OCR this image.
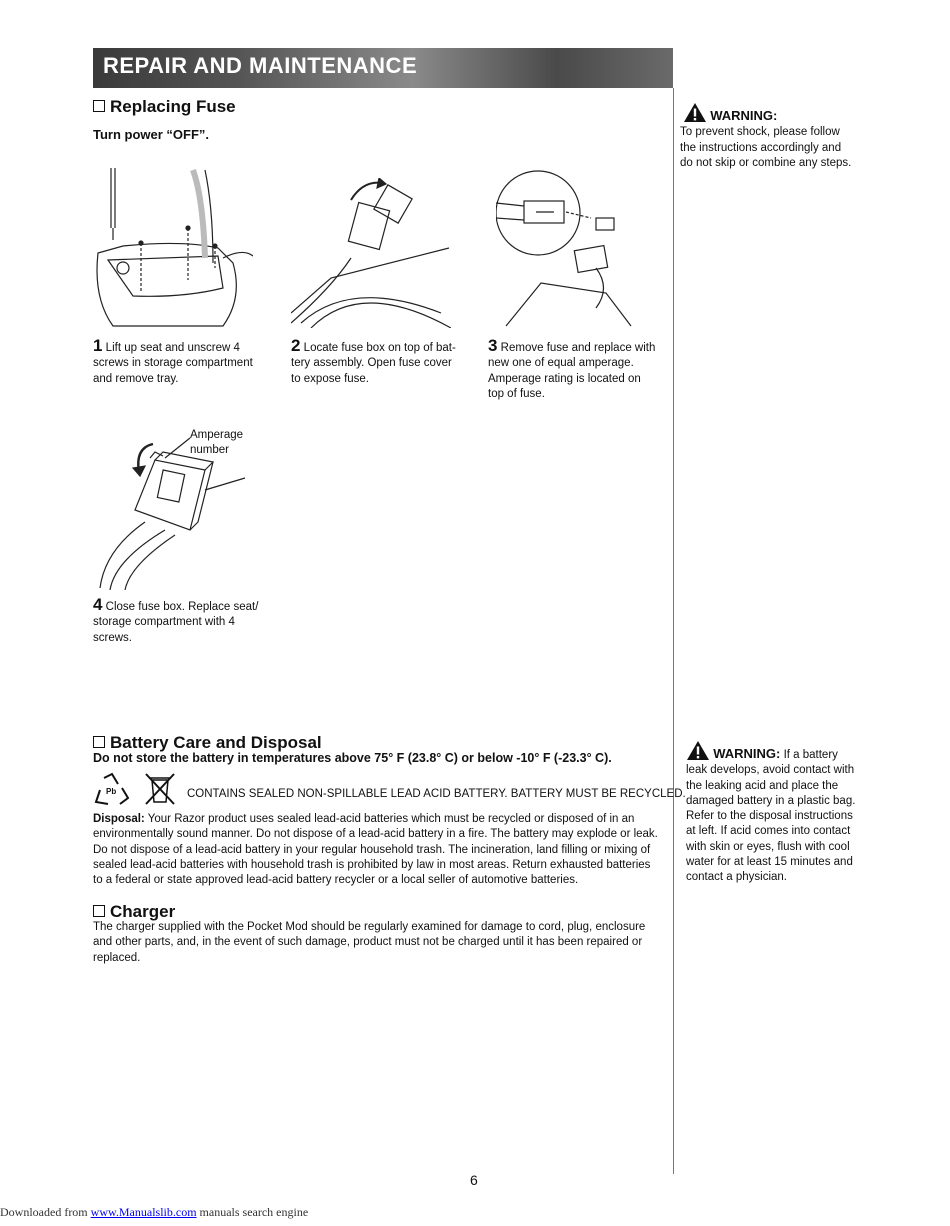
REPAIR AND MAINTENANCE
Replacing Fuse
Turn power “OFF”.
1 Lift up seat and unscrew 4 screws in storage compartment and remove tray.
2 Locate fuse box on top of bat- tery assembly. Open fuse cover to expose fuse.
3 Remove fuse and replace with new one of equal amperage. Amperage rating is located on top of fuse.
Amperage
number
4 Close fuse box. Replace seat/ storage compartment with 4 screws.
WARNING:
To prevent shock, please follow the instructions accordingly and do not skip or combine any steps.
Battery Care and Disposal
Do not store the battery in temperatures above 75° F (23.8° C) or below -10° F (-23.3° C).
Pb	CONTAINS SEALED NON-SPILLABLE LEAD ACID BATTERY. BATTERY MUST BE RECYCLED.
Disposal: Your Razor product uses sealed lead-acid batteries which must be recycled or disposed of in an environmentally sound manner. Do not dispose of a lead-acid battery in a fire. The battery may explode or leak. Do not dispose of a lead-acid battery in your regular household trash. The incineration, land filling or mixing of sealed lead-acid batteries with household trash is prohibited by law in most areas. Return exhausted batteries to a federal or state approved lead-acid battery recycler or a local seller of automotive batteries.
WARNING: If a battery leak develops, avoid contact with the leaking acid and place the damaged battery in a plastic bag. Refer to the disposal instructions at left. If acid comes into contact with skin or eyes, flush with cool water for at least 15 minutes and contact a physician.
Charger
The charger supplied with the Pocket Mod should be regularly examined for damage to cord, plug, enclosure and other parts, and, in the event of such damage, product must not be charged until it has been repaired or replaced.
6
Downloaded from www.Manualslib.com manuals search engine
